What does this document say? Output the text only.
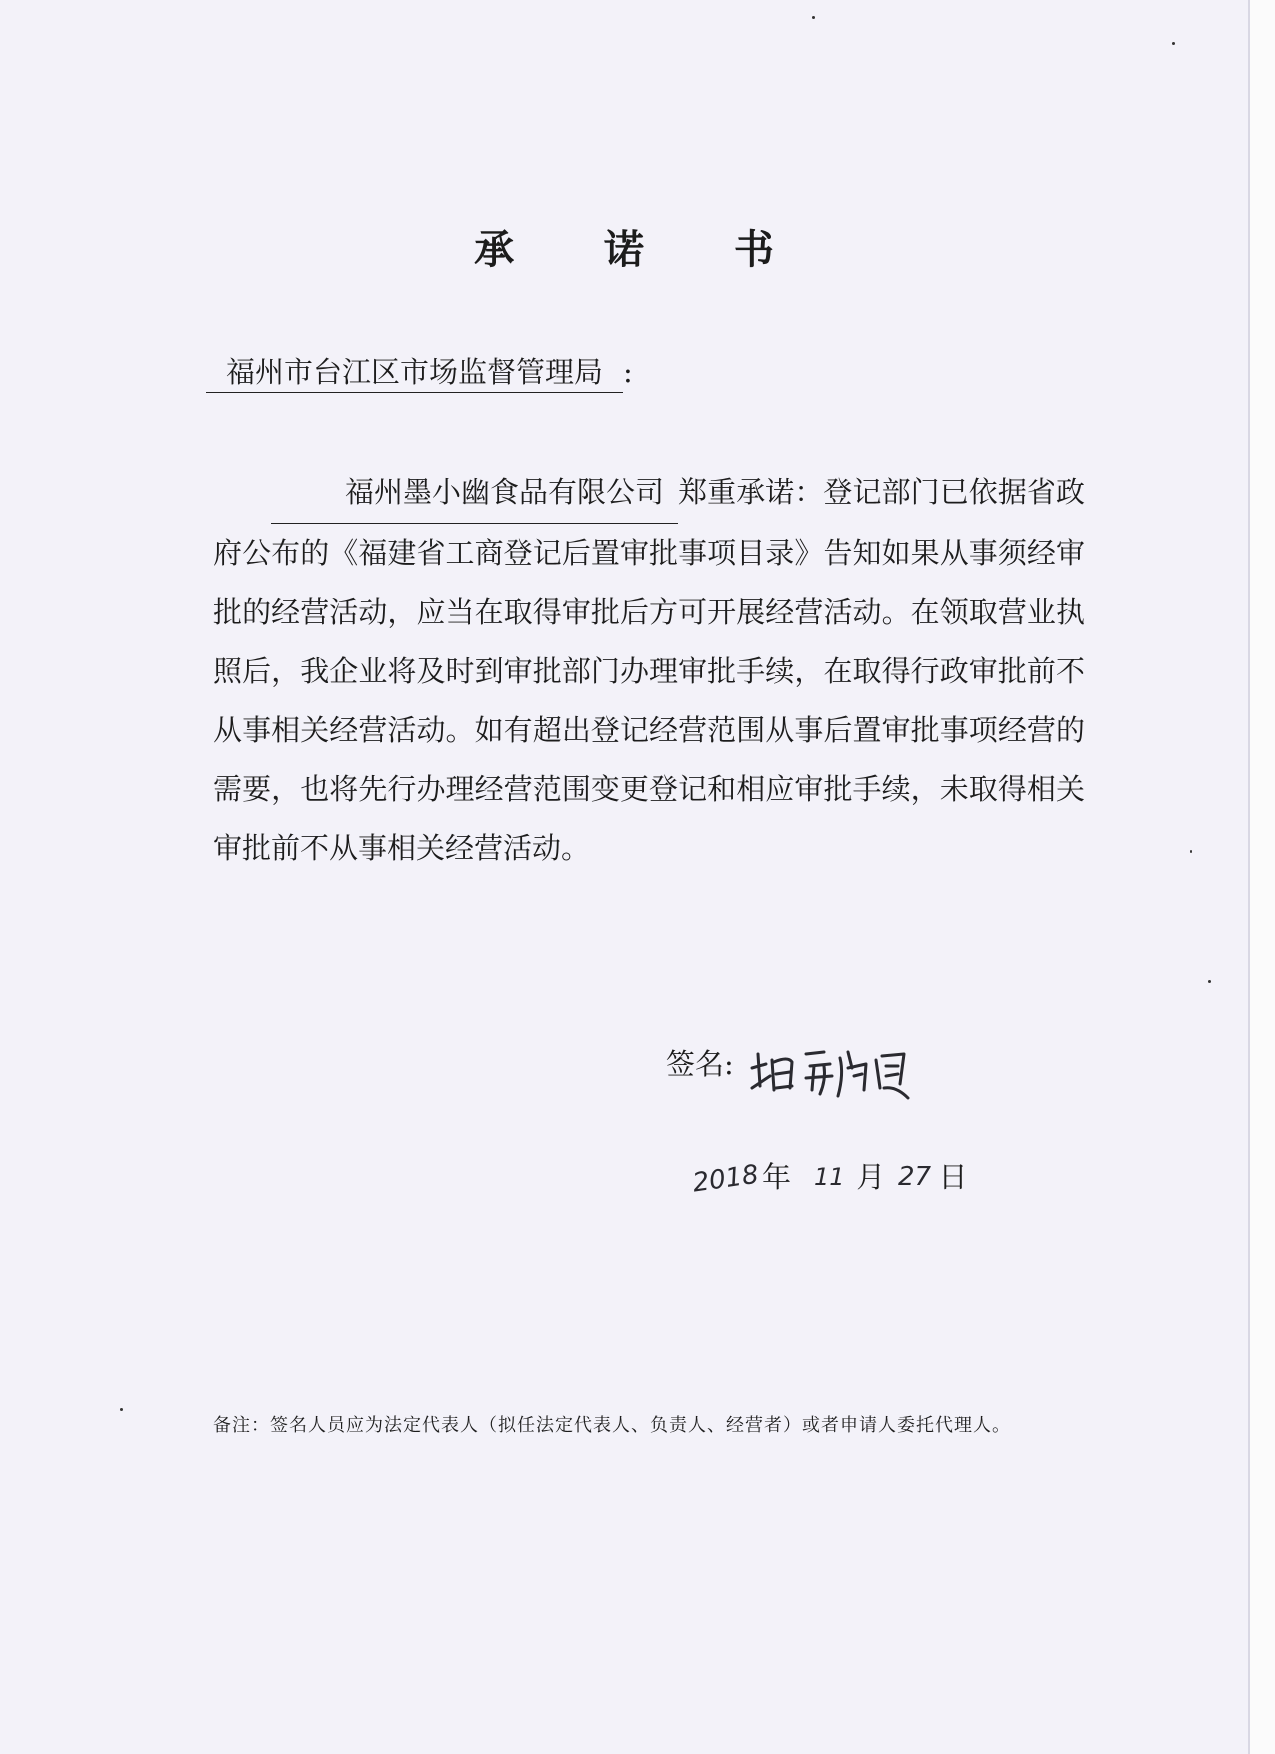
承 诺 书
福州市台江区市场监督管理局 :
福州墨小幽食品有限公司 郑重承诺：登记部门已依据省政府公布的《福建省工商登记后置审批事项目录》告知如果从事须经审批的经营活动，应当在取得审批后方可开展经营活动。在领取营业执照后，我企业将及时到审批部门办理审批手续，在取得行政审批前不从事相关经营活动。如有超出登记经营范围从事后置审批事项经营的需要，也将先行办理经营范围变更登记和相应审批手续，未取得相关审批前不从事相关经营活动。
签名:
2018 年 11 月 27 日
备注：签名人员应为法定代表人（拟任法定代表人、负责人、经营者）或者申请人委托代理人。
